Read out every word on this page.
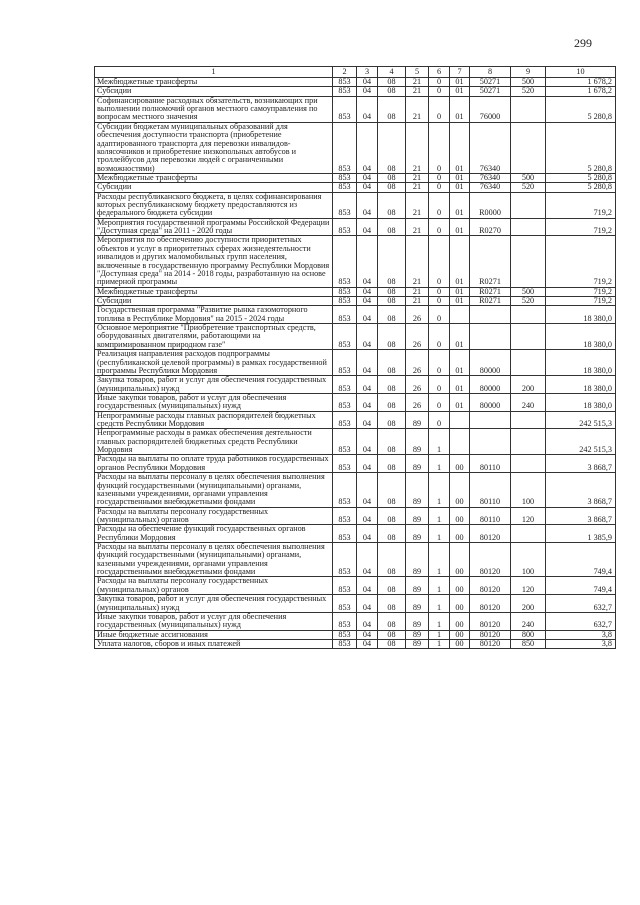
299
1	2	3	4	5	6	7	8	9	10
Межбюджетные трансферты	853	04	08	21	0	01	50271	500	1 678,2
Субсидии	853	04	08	21	0	01	50271	520	1 678,2
Софинансирование расходных обязательств, возникающих при выполнении полномочий органов местного самоуправления по вопросам местного значения	853	04	08	21	0	01	76000		5 280,8
Субсидии бюджетам муниципальных образований для обеспечения доступности транспорта (приобретение адаптированного транспорта для перевозки инвалидов-колясочников и приобретение низкопольных автобусов и троллейбусов для перевозки людей с ограниченными возможностями)	853	04	08	21	0	01	76340		5 280,8
Межбюджетные трансферты	853	04	08	21	0	01	76340	500	5 280,8
Субсидии	853	04	08	21	0	01	76340	520	5 280,8
Расходы республиканского бюджета, в целях софинансирования которых республиканскому бюджету предоставляются из федерального бюджета субсидии	853	04	08	21	0	01	R0000		719,2
Мероприятия государственной программы Российской Федерации "Доступная среда" на 2011 - 2020 годы	853	04	08	21	0	01	R0270		719,2
Мероприятия по обеспечению доступности приоритетных объектов и услуг в приоритетных сферах жизнедеятельности инвалидов и других маломобильных групп населения, включенные в государственную программу Республики Мордовия "Доступная среда" на 2014 - 2018 годы, разработанную на основе примерной программы	853	04	08	21	0	01	R0271		719,2
Межбюджетные трансферты	853	04	08	21	0	01	R0271	500	719,2
Субсидии	853	04	08	21	0	01	R0271	520	719,2
Государственная программа "Развитие рынка газомоторного топлива в Республике Мордовия" на 2015 - 2024 годы	853	04	08	26	0				18 380,0
Основное мероприятие "Приобретение транспортных средств, оборудованных двигателями, работающими на компримированном природном газе"	853	04	08	26	0	01			18 380,0
Реализация направления расходов подпрограммы (республиканской целевой программы) в рамках государственной программы Республики Мордовия	853	04	08	26	0	01	80000		18 380,0
Закупка товаров, работ и услуг для обеспечения государственных (муниципальных) нужд	853	04	08	26	0	01	80000	200	18 380,0
Иные закупки товаров, работ и услуг для обеспечения государственных (муниципальных) нужд	853	04	08	26	0	01	80000	240	18 380,0
Непрограммные расходы главных распорядителей бюджетных средств Республики Мордовия	853	04	08	89	0				242 515,3
Непрограммные расходы в рамках обеспечения деятельности главных распорядителей бюджетных средств Республики Мордовия	853	04	08	89	1				242 515,3
Расходы на выплаты по оплате труда работников государственных органов Республики Мордовия	853	04	08	89	1	00	80110		3 868,7
Расходы на выплаты персоналу в целях обеспечения выполнения функций государственными (муниципальными) органами, казенными учреждениями, органами управления государственными внебюджетными фондами	853	04	08	89	1	00	80110	100	3 868,7
Расходы на выплаты персоналу государственных (муниципальных) органов	853	04	08	89	1	00	80110	120	3 868,7
Расходы на обеспечение функций государственных органов Республики Мордовия	853	04	08	89	1	00	80120		1 385,9
Расходы на выплаты персоналу в целях обеспечения выполнения функций государственными (муниципальными) органами, казенными учреждениями, органами управления государственными внебюджетными фондами	853	04	08	89	1	00	80120	100	749,4
Расходы на выплаты персоналу государственных (муниципальных) органов	853	04	08	89	1	00	80120	120	749,4
Закупка товаров, работ и услуг для обеспечения государственных (муниципальных) нужд	853	04	08	89	1	00	80120	200	632,7
Иные закупки товаров, работ и услуг для обеспечения государственных (муниципальных) нужд	853	04	08	89	1	00	80120	240	632,7
Иные бюджетные ассигнования	853	04	08	89	1	00	80120	800	3,8
Уплата налогов, сборов и иных платежей	853	04	08	89	1	00	80120	850	3,8
